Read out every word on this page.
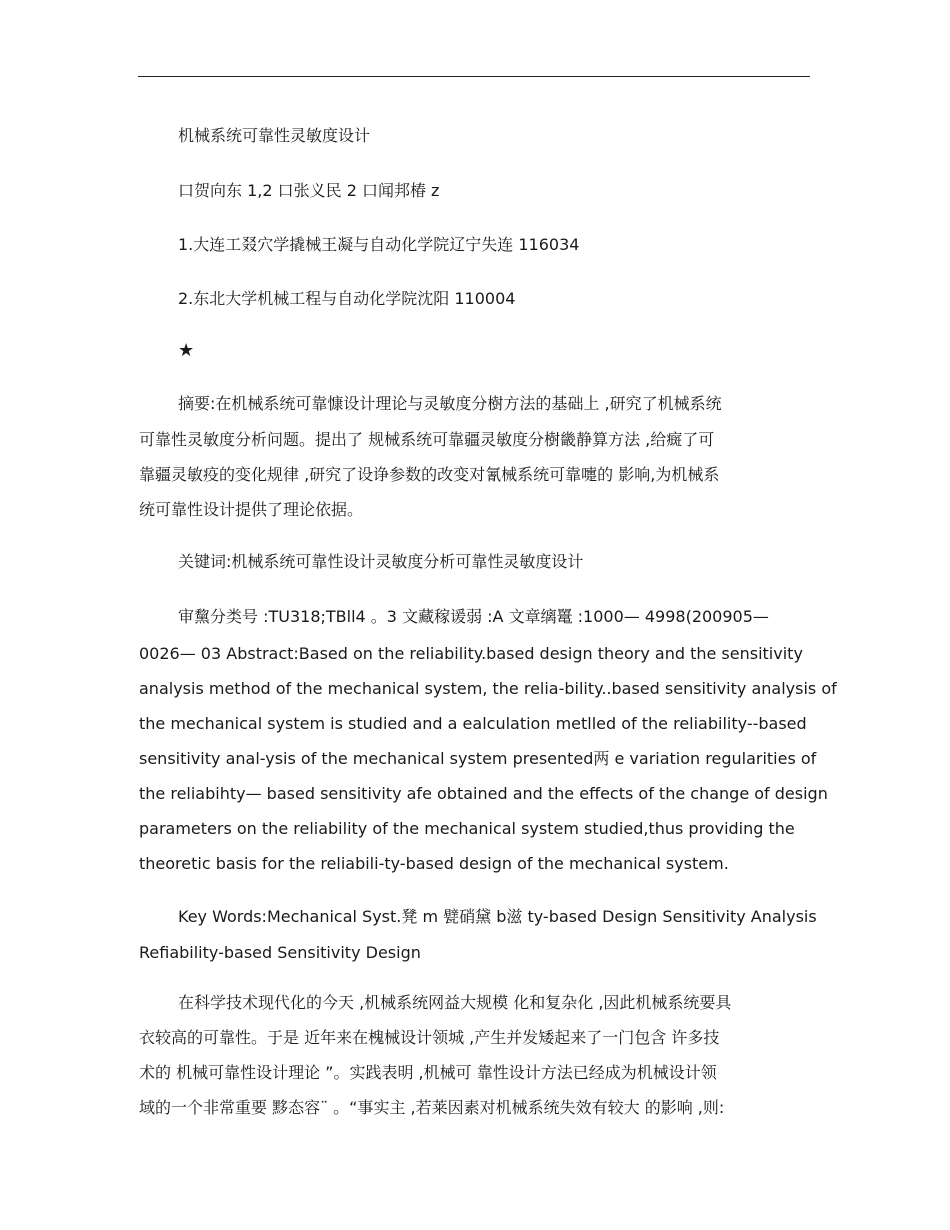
机械系统可靠性灵敏度设计
口贺向东 1,2 口张义民 2 口闻邦椿 z
1.大连工叕穴学撬械王凝与自动化学院辽宁失连 116034
2.东北大学机械工程与自动化学院沈阳 110004
★
摘要:在机械系统可靠慷设计理论与灵敏度分樹方法的基础上 ,研究了机械系统
可靠性灵敏度分析问题。提出了 规械系统可靠疆灵敏度分樹畿静算方法 ,给癍了可
靠疆灵敏疫的变化规律 ,研究了设诤参数的改变对氰械系统可靠嚏的 影响,为机械系
统可靠性设计提供了理论依据。
关键词:机械系统可靠性设计灵敏度分析可靠性灵敏度设计
审黧分类号 :TU318;TBll4 。3 文藏稼谖弱 :A 文章缡鼍 :1000— 4998(200905—
0026— 03 Abstract:Based on the reliability.based design theory and the sensitivity
analysis method of the mechanical system, the relia-bility..based sensitivity analysis of
the mechanical system is studied and a ealculation metlled of the reliability--based
sensitivity anal-ysis of the mechanical system presented两 e variation regularities of
the reliabihty— based sensitivity afe obtained and the effects of the change of design
parameters on the reliability of the mechanical system studied,thus providing the
theoretic basis for the reliabili-ty-based design of the mechanical system.
Key Words:Mechanical Syst.凳 m 甓硝黛 b滋 ty-based Design Sensitivity Analysis
Refiability-based Sensitivity Design
在科学技术现代化的今天 ,机械系统网益大规模 化和复杂化 ,因此机械系统要具
衣较高的可靠性。于是 近年来在槐械设计领城 ,产生并发矮起来了一门包含 许多技
术的 机械可靠性设计理论 ”。实践表明 ,机械可 靠性设计方法已经成为机械设计领
域的一个非常重要 黟态容¨ 。“事实主 ,若莱因素对机械系统失效有较大 的影响 ,则:
